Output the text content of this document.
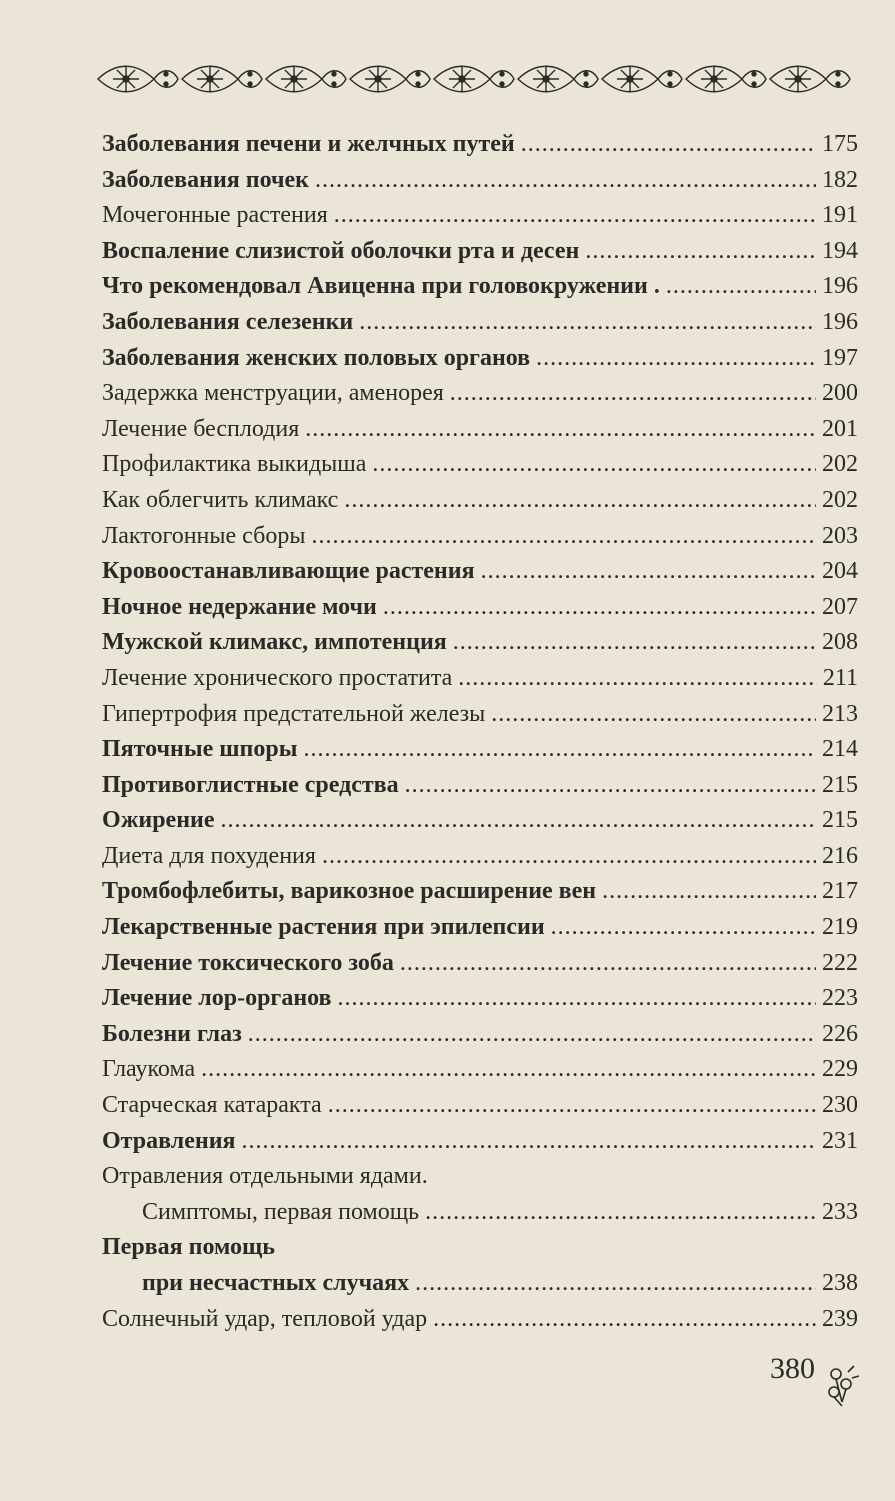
Заболевания печени и желчных путей .....	175
Заболевания почек .....	182
Мочегонные растения .....	191
Воспаление слизистой оболочки рта и десен .....	194
Что рекомендовал Авиценна при головокружении . .....	196
Заболевания селезенки .....	196
Заболевания женских половых органов .....	197
Задержка менструации, аменорея .....	200
Лечение бесплодия .....	201
Профилактика выкидыша .....	202
Как облегчить климакс .....	202
Лактогонные сборы .....	203
Кровоостанавливающие растения .....	204
Ночное недержание мочи .....	207
Мужской климакс, импотенция .....	208
Лечение хронического простатита .....	211
Гипертрофия предстательной железы .....	213
Пяточные шпоры .....	214
Противоглистные средства .....	215
Ожирение .....	215
Диета для похудения .....	216
Тромбофлебиты, варикозное расширение вен .....	217
Лекарственные растения при эпилепсии .....	219
Лечение токсического зоба .....	222
Лечение лор-органов .....	223
Болезни глаз .....	226
Глаукома .....	229
Старческая катаракта .....	230
Отравления .....	231
Отравления отдельными ядами.
Симптомы, первая помощь .....	233
Первая помощь
при несчастных случаях .....	238
Солнечный удар, тепловой удар .....	239
380
